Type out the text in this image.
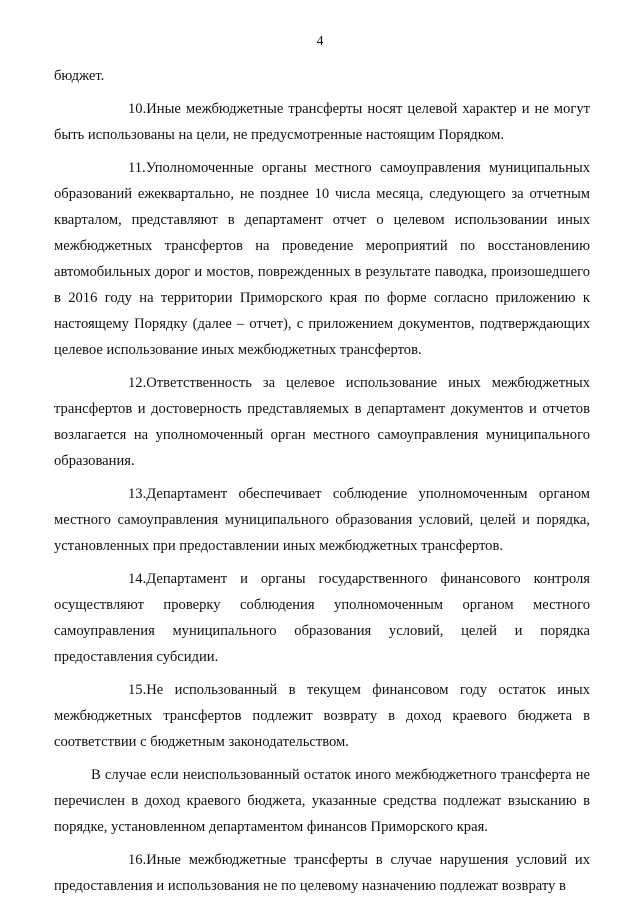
4

бюджет.

10.Иные межбюджетные трансферты носят целевой характер и не могут быть использованы на цели, не предусмотренные настоящим Порядком.

11.Уполномоченные органы местного самоуправления муниципальных образований ежеквартально, не позднее 10 числа месяца, следующего за отчетным кварталом, представляют в департамент отчет о целевом использовании иных межбюджетных трансфертов на проведение мероприятий по восстановлению автомобильных дорог и мостов, поврежденных в результате паводка, произошедшего в 2016 году на территории Приморского края по форме согласно приложению к настоящему Порядку (далее – отчет), с приложением документов, подтверждающих целевое использование иных межбюджетных трансфертов.

12.Ответственность за целевое использование иных межбюджетных трансфертов и достоверность представляемых в департамент документов и отчетов возлагается на уполномоченный орган местного самоуправления муниципального образования.

13.Департамент обеспечивает соблюдение уполномоченным органом местного самоуправления муниципального образования условий, целей и порядка, установленных при предоставлении иных межбюджетных трансфертов.

14.Департамент и органы государственного финансового контроля осуществляют проверку соблюдения уполномоченным органом местного самоуправления муниципального образования условий, целей и порядка предоставления субсидии.

15.Не использованный в текущем финансовом году остаток иных межбюджетных трансфертов подлежит возврату в доход краевого бюджета в соответствии с бюджетным законодательством.

В случае если неиспользованный остаток иного межбюджетного трансферта не перечислен в доход краевого бюджета, указанные средства подлежат взысканию в порядке, установленном департаментом финансов Приморского края.

16.Иные межбюджетные трансферты в случае нарушения условий их предоставления и использования не по целевому назначению подлежат возврату в
